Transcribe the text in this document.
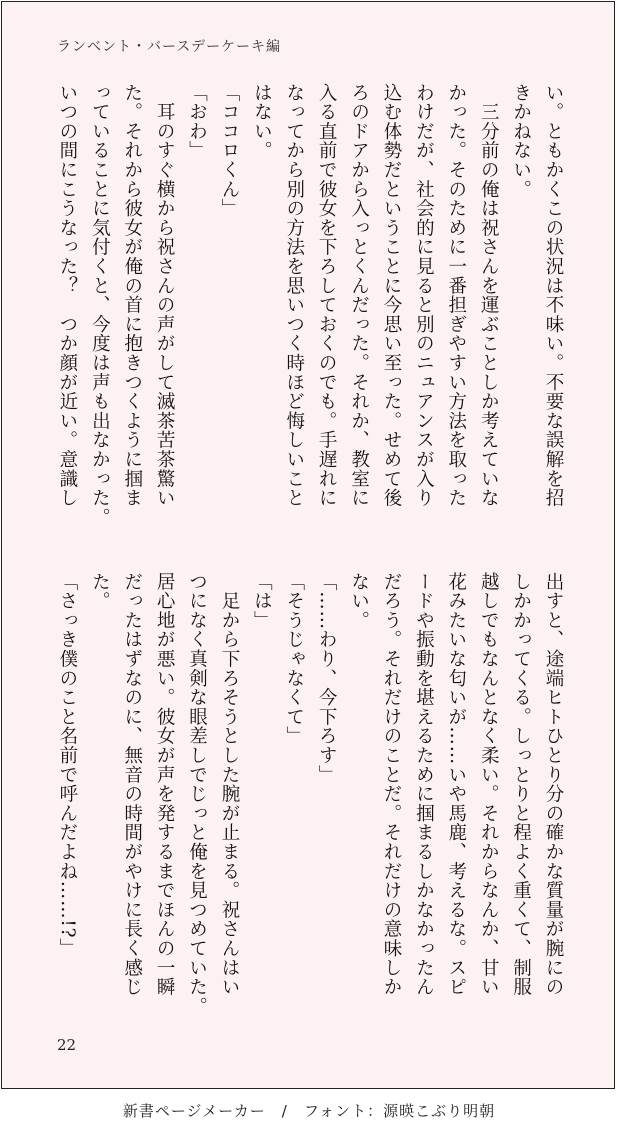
ランベント・バースデーケーキ編
い。ともかくこの状況は不味い。不要な誤解を招
きかねない。
　三分前の俺は祝さんを運ぶことしか考えていな
かった。そのために一番担ぎやすい方法を取った
わけだが、社会的に見ると別のニュアンスが入り
込む体勢だということに今思い至った。せめて後
ろのドアから入っとくんだった。それか、教室に
入る直前で彼女を下ろしておくのでも。手遅れに
なってから別の方法を思いつく時ほど悔しいこと
はない。
「ココロくん」
「おわ」
　耳のすぐ横から祝さんの声がして滅茶苦茶驚い
た。それから彼女が俺の首に抱きつくように掴ま
っていることに気付くと、今度は声も出なかった。
いつの間にこうなった？　つか顔が近い。意識し
出すと、途端ヒトひとり分の確かな質量が腕にの
しかかってくる。しっとりと程よく重くて、制服
越しでもなんとなく柔い。それからなんか、甘い
花みたいな匂いが……いや馬鹿、考えるな。スピ
ードや振動を堪えるために掴まるしかなかったん
だろう。それだけのことだ。それだけの意味しか
ない。
「……わり、今下ろす」
「そうじゃなくて」
「は」
　足から下ろそうとした腕が止まる。祝さんはい
つになく真剣な眼差しでじっと俺を見つめていた。
居心地が悪い。彼女が声を発するまでほんの一瞬
だったはずなのに、無音の時間がやけに長く感じ
た。
「さっき僕のこと名前で呼んだよね……!?」
22
新書ページメーカー　/　フォント：源暎こぶり明朝
